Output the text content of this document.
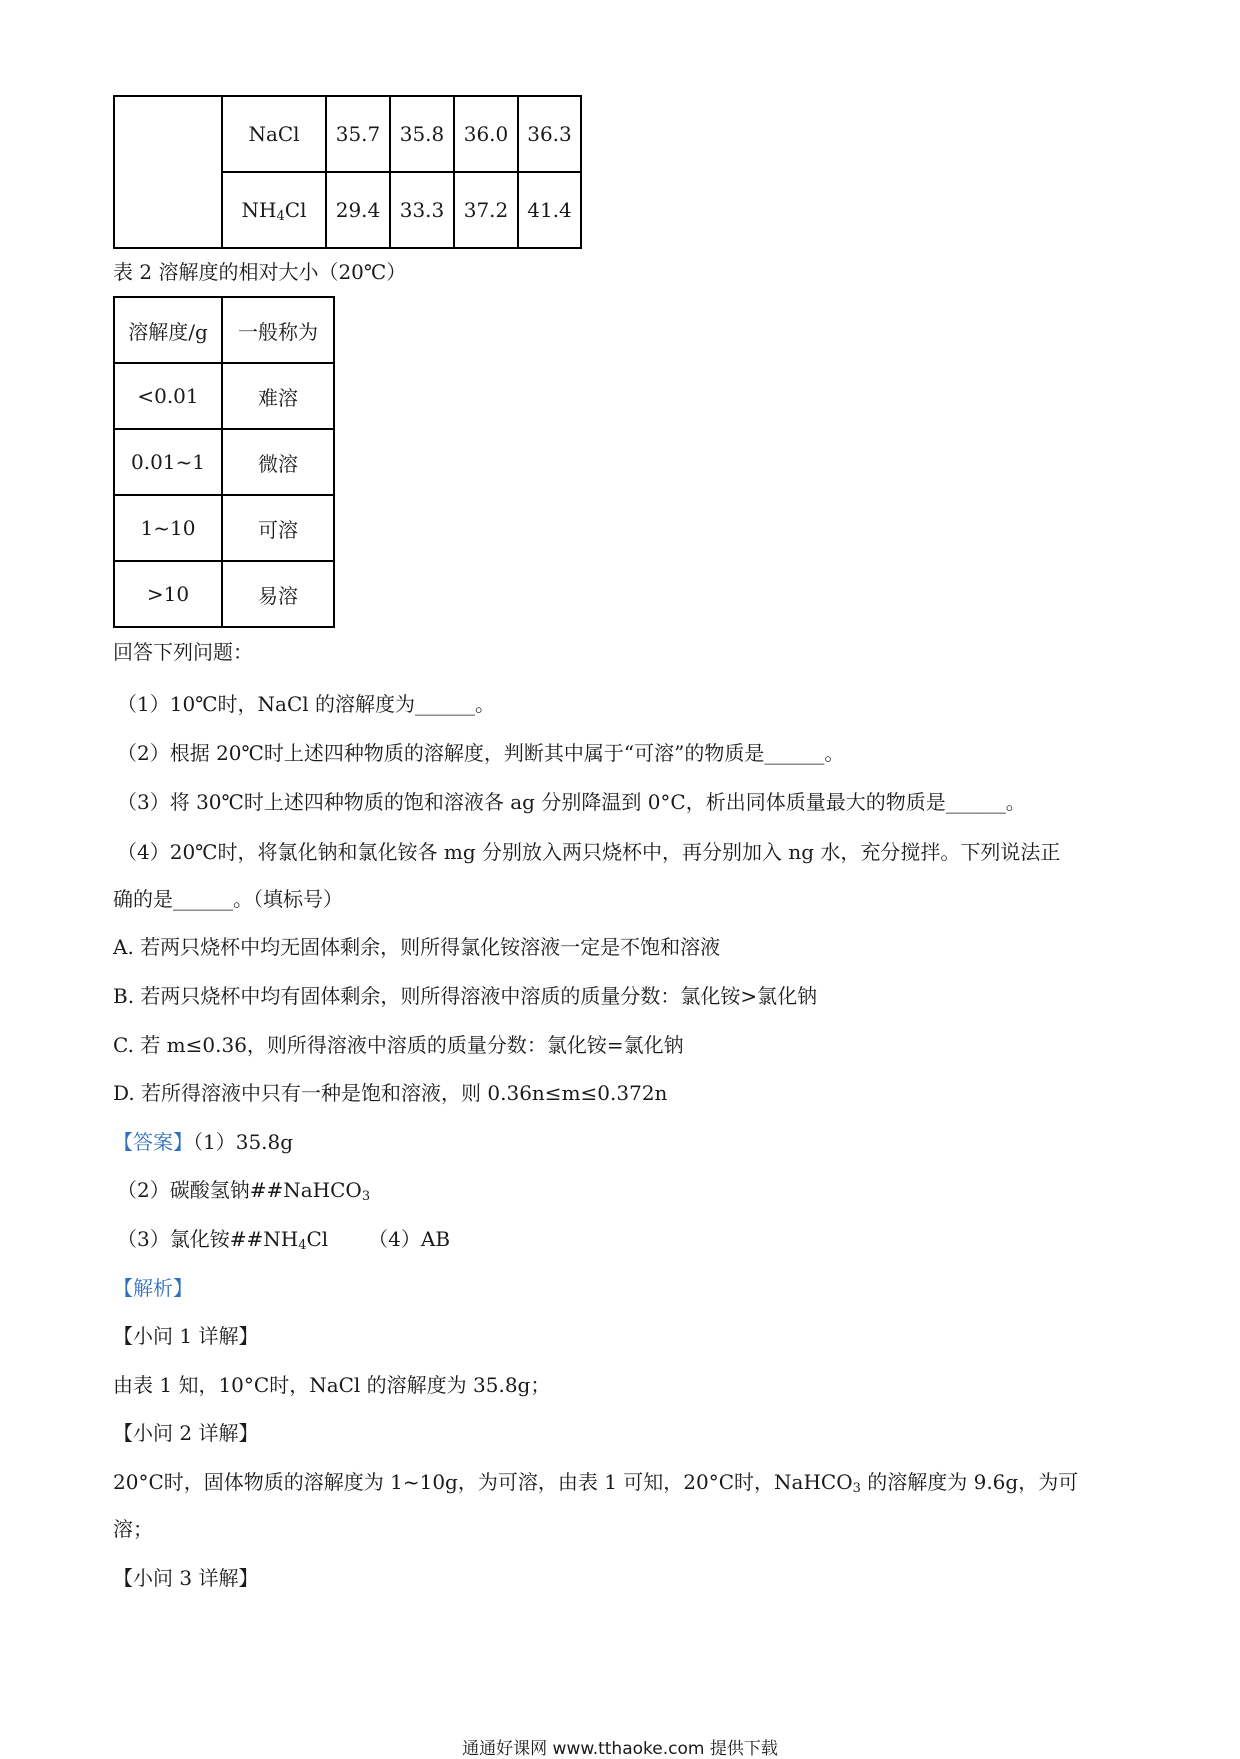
	NaCl	35.7	35.8	36.0	36.3
	$NH_4Cl$	29.4	33.3	37.2	41.4
表 2 溶解度的相对大小（20℃）
溶解度/g	一般称为
<0.01	难溶
0.01~1	微溶
1~10	可溶
>10	易溶
回答下列问题：
（1）10℃时，NaCl 的溶解度为______。
（2）根据 20℃时上述四种物质的溶解度，判断其中属于“可溶”的物质是______。
（3）将 30℃时上述四种物质的饱和溶液各 ag 分别降温到 0°C，析出同体质量最大的物质是______。
（4）20℃时，将氯化钠和氯化铵各 mg 分别放入两只烧杯中，再分别加入 ng 水，充分搅拌。下列说法正
确的是______。（填标号）
A. 若两只烧杯中均无固体剩余，则所得氯化铵溶液一定是不饱和溶液
B. 若两只烧杯中均有固体剩余，则所得溶液中溶质的质量分数：氯化铵>氯化钠
C. 若 m≤0.36，则所得溶液中溶质的质量分数：氯化铵=氯化钠
D. 若所得溶液中只有一种是饱和溶液，则 0.36n≤m≤0.372n
【答案】（1）35.8g
（2）碳酸氢钠##NaHCO$_3$
（3）氯化铵$\#\#NH_4Cl$ （4）AB
【解析】
【小问 1 详解】
由表 1 知，10°C时，NaCl 的溶解度为 35.8g；
【小问 2 详解】
20°C时，固体物质的溶解度为 1~10g，为可溶，由表 1 可知，20°C时，NaHCO$_3$ 的溶解度为 9.6g，为可
溶；
【小问 3 详解】
通通好课网 www.tthaoke.com 提供下载
